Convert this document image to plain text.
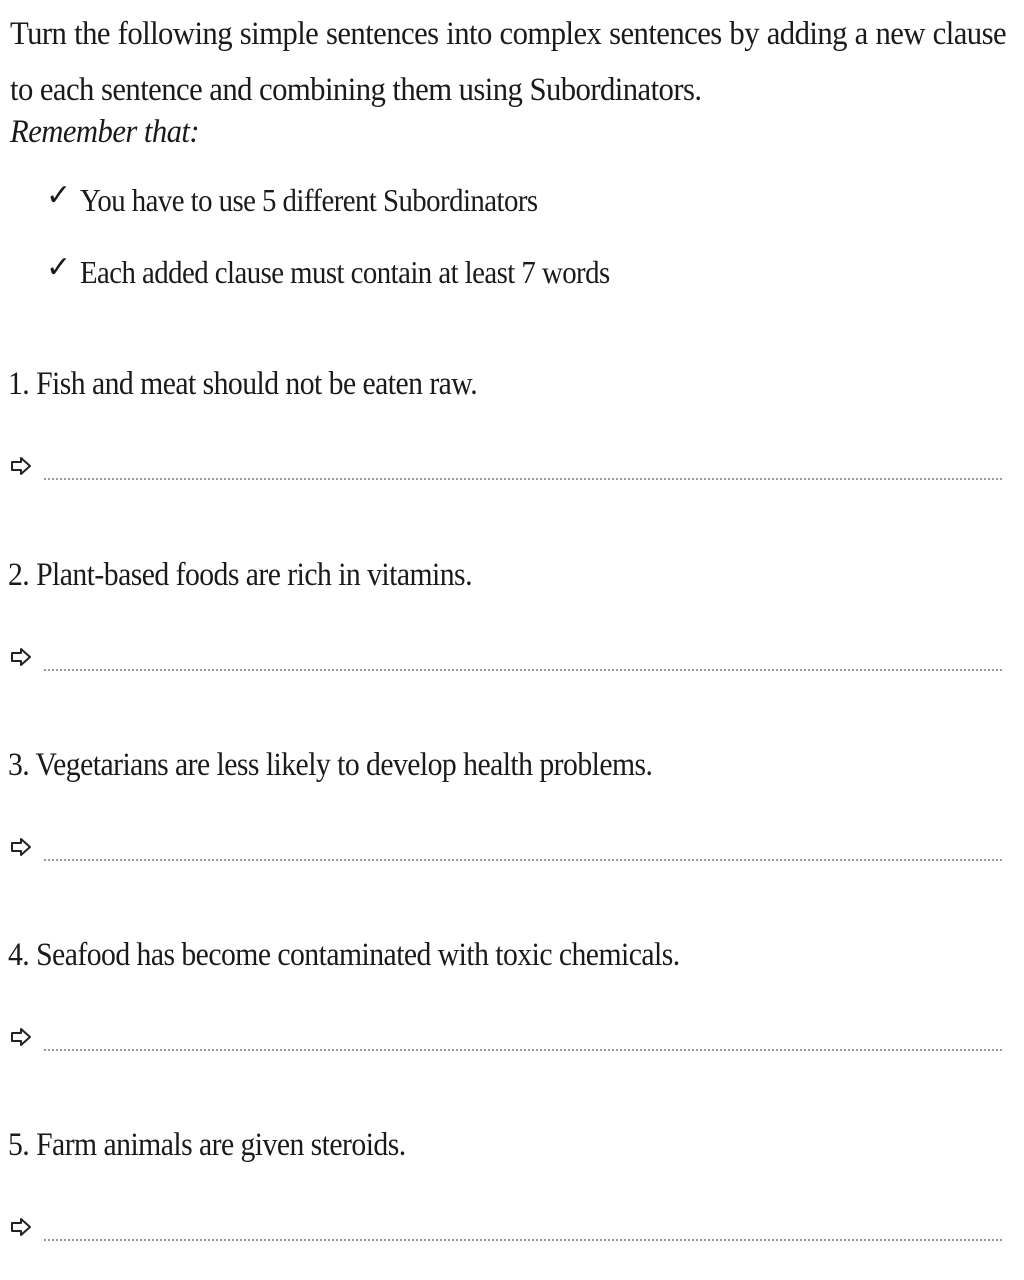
Turn the following simple sentences into complex sentences by adding a new clause to each sentence and combining them using Subordinators.
Remember that:
✓ You have to use 5 different Subordinators
✓ Each added clause must contain at least 7 words
1. Fish and meat should not be eaten raw.
2. Plant-based foods are rich in vitamins.
3. Vegetarians are less likely to develop health problems.
4. Seafood has become contaminated with toxic chemicals.
5. Farm animals are given steroids.
